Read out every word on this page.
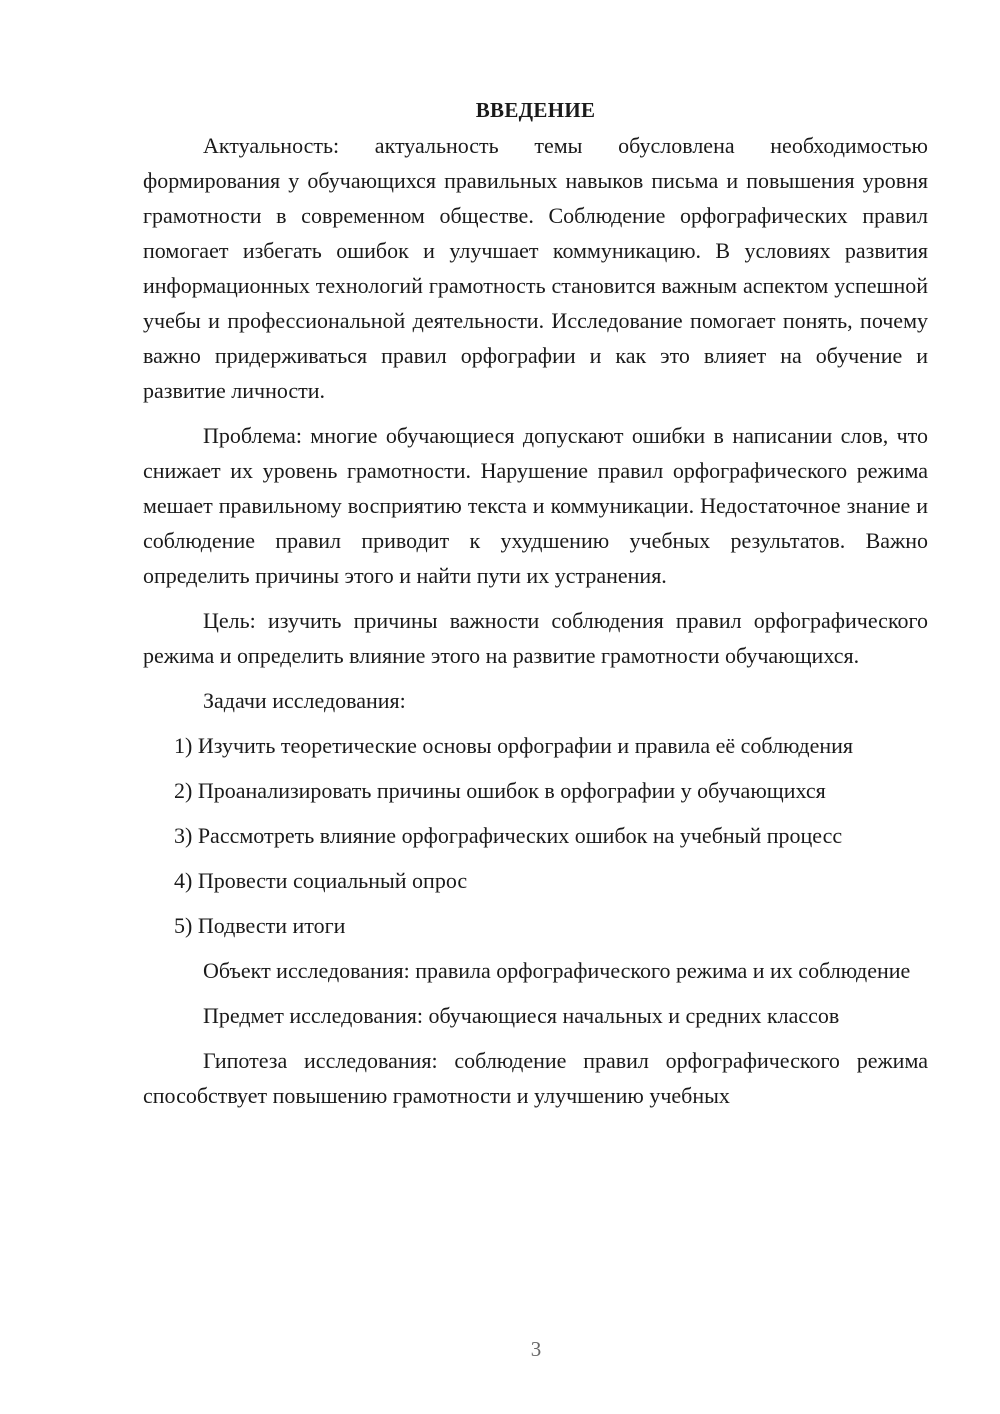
ВВЕДЕНИЕ

Актуальность: актуальность темы обусловлена необходимостью формирования у обучающихся правильных навыков письма и повышения уровня грамотности в современном обществе. Соблюдение орфографических правил помогает избегать ошибок и улучшает коммуникацию. В условиях развития информационных технологий грамотность становится важным аспектом успешной учебы и профессиональной деятельности. Исследование помогает понять, почему важно придерживаться правил орфографии и как это влияет на обучение и развитие личности.

Проблема: многие обучающиеся допускают ошибки в написании слов, что снижает их уровень грамотности. Нарушение правил орфографического режима мешает правильному восприятию текста и коммуникации. Недостаточное знание и соблюдение правил приводит к ухудшению учебных результатов. Важно определить причины этого и найти пути их устранения.

Цель: изучить причины важности соблюдения правил орфографического режима и определить влияние этого на развитие грамотности обучающихся.

Задачи исследования:

1) Изучить теоретические основы орфографии и правила её соблюдения

2) Проанализировать причины ошибок в орфографии у обучающихся

3) Рассмотреть влияние орфографических ошибок на учебный процесс

4) Провести социальный опрос

5) Подвести итоги

Объект исследования: правила орфографического режима и их соблюдение

Предмет исследования: обучающиеся начальных и средних классов

Гипотеза исследования: соблюдение правил орфографического режима способствует повышению грамотности и улучшению учебных

3
